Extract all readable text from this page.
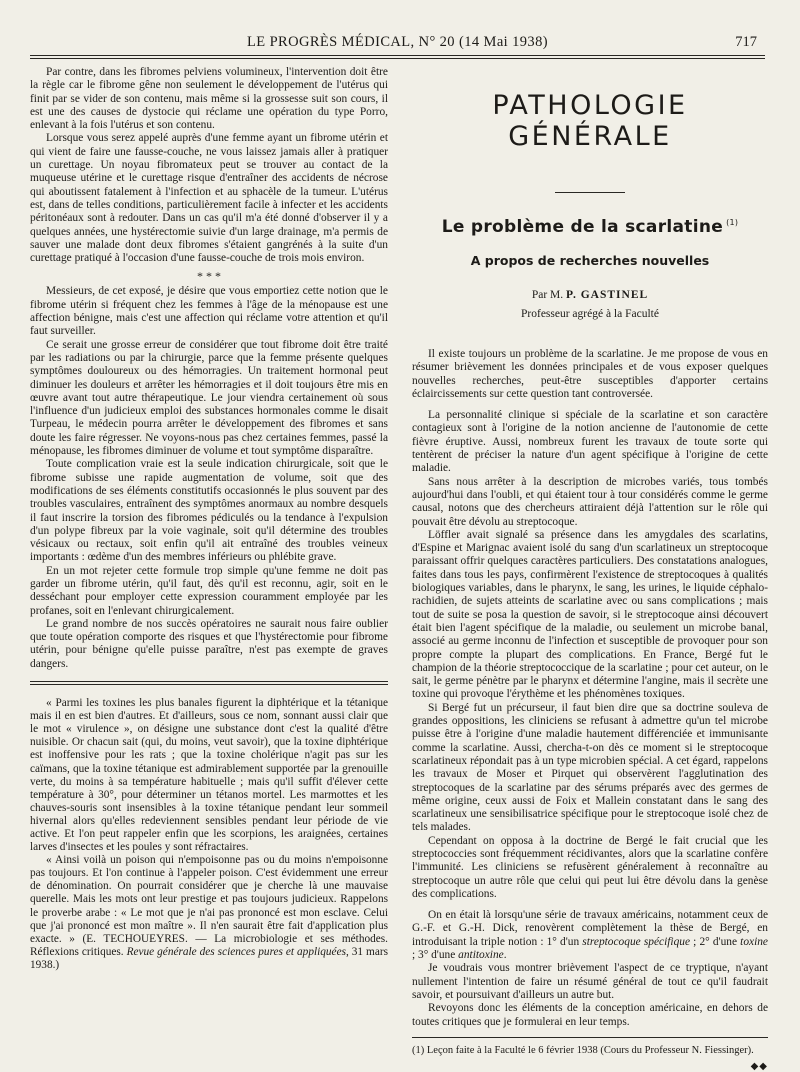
LE PROGRÈS MÉDICAL, N° 20 (14 Mai 1938)	717

Par contre, dans les fibromes pelviens volumineux, l'intervention doit être la règle car le fibrome gêne non seulement le développement de l'utérus qui finit par se vider de son contenu, mais même si la grossesse suit son cours, il est une des causes de dystocie qui réclame une opération du type Porro, enlevant à la fois l'utérus et son contenu.

Lorsque vous serez appelé auprès d'une femme ayant un fibrome utérin et qui vient de faire une fausse-couche, ne vous laissez jamais aller à pratiquer un curettage. Un noyau fibromateux peut se trouver au contact de la muqueuse utérine et le curettage risque d'entraîner des accidents de nécrose qui aboutissent fatalement à l'infection et au sphacèle de la tumeur. L'utérus est, dans de telles conditions, particulièrement facile à infecter et les accidents péritonéaux sont à redouter. Dans un cas qu'il m'a été donné d'observer il y a quelques années, une hystérectomie suivie d'un large drainage, m'a permis de sauver une malade dont deux fibromes s'étaient gangrénés à la suite d'un curettage pratiqué à l'occasion d'une fausse-couche de trois mois environ.

* * *

Messieurs, de cet exposé, je désire que vous emportiez cette notion que le fibrome utérin si fréquent chez les femmes à l'âge de la ménopause est une affection bénigne, mais c'est une affection qui réclame votre attention et qu'il faut surveiller.

Ce serait une grosse erreur de considérer que tout fibrome doit être traité par les radiations ou par la chirurgie, parce que la femme présente quelques symptômes douloureux ou des hémorragies. Un traitement hormonal peut diminuer les douleurs et arrêter les hémorragies et il doit toujours être mis en œuvre avant tout autre thérapeutique. Le jour viendra certainement où sous l'influence d'un judicieux emploi des substances hormonales comme le disait Turpeau, le médecin pourra arrêter le développement des fibromes et sans doute les faire régresser. Ne voyons-nous pas chez certaines femmes, passé la ménopause, les fibromes diminuer de volume et tout symptôme disparaître.

Toute complication vraie est la seule indication chirurgicale, soit que le fibrome subisse une rapide augmentation de volume, soit que des modifications de ses éléments constitutifs occasionnés le plus souvent par des troubles vasculaires, entraînent des symptômes anormaux au nombre desquels il faut inscrire la torsion des fibromes pédiculés ou la tendance à l'expulsion d'un polype fibreux par la voie vaginale, soit qu'il détermine des troubles vésicaux ou rectaux, soit enfin qu'il ait entraîné des troubles veineux importants : œdème d'un des membres inférieurs ou phlébite grave.

En un mot rejeter cette formule trop simple qu'une femme ne doit pas garder un fibrome utérin, qu'il faut, dès qu'il est reconnu, agir, soit en le desséchant pour employer cette expression couramment employée par les profanes, soit en l'enlevant chirurgicalement.

Le grand nombre de nos succès opératoires ne saurait nous faire oublier que toute opération comporte des risques et que l'hystérectomie pour fibrome utérin, pour bénigne qu'elle puisse paraître, n'est pas exempte de graves dangers.

« Parmi les toxines les plus banales figurent la diphtérique et la tétanique mais il en est bien d'autres. Et d'ailleurs, sous ce nom, sonnant aussi clair que le mot « virulence », on désigne une substance dont c'est la qualité d'être nuisible. Or chacun sait (qui, du moins, veut savoir), que la toxine diphtérique est inoffensive pour les rats ; que la toxine cholérique n'agit pas sur les caïmans, que la toxine tétanique est admirablement supportée par la grenouille verte, du moins à sa température habituelle ; mais qu'il suffit d'élever cette température à 30°, pour déterminer un tétanos mortel. Les marmottes et les chauves-souris sont insensibles à la toxine tétanique pendant leur sommeil hivernal alors qu'elles redeviennent sensibles pendant leur période de vie active. Et l'on peut rappeler enfin que les scorpions, les araignées, certaines larves d'insectes et les poules y sont réfractaires.

« Ainsi voilà un poison qui n'empoisonne pas ou du moins n'empoisonne pas toujours. Et l'on continue à l'appeler poison. C'est évidemment une erreur de dénomination. On pourrait considérer que je cherche là une mauvaise querelle. Mais les mots ont leur prestige et pas toujours judicieux. Rappelons le proverbe arabe : « Le mot que je n'ai pas prononcé est mon esclave. Celui que j'ai prononcé est mon maître ». Il n'en saurait être fait d'application plus exacte. » (E. TECHOUEYRES. — La microbiologie et ses méthodes. Réflexions critiques. Revue générale des sciences pures et appliquées, 31 mars 1938.)

PATHOLOGIE GÉNÉRALE
Le problème de la scarlatine $^{(1)}$
A propos de recherches nouvelles
Par M. P. GASTINEL
Professeur agrégé à la Faculté

Il existe toujours un problème de la scarlatine. Je me propose de vous en résumer brièvement les données principales et de vous exposer quelques nouvelles recherches, peut-être susceptibles d'apporter certains éclaircissements sur cette question tant controversée.

La personnalité clinique si spéciale de la scarlatine et son caractère contagieux sont à l'origine de la notion ancienne de l'autonomie de cette fièvre éruptive. Aussi, nombreux furent les travaux de toute sorte qui tentèrent de préciser la nature d'un agent spécifique à l'origine de cette maladie.

Sans nous arrêter à la description de microbes variés, tous tombés aujourd'hui dans l'oubli, et qui étaient tour à tour considérés comme le germe causal, notons que des chercheurs attiraient déjà l'attention sur le rôle qui pouvait être dévolu au streptocoque.

Löffler avait signalé sa présence dans les amygdales des scarlatins, d'Espine et Marignac avaient isolé du sang d'un scarlatineux un streptocoque paraissant offrir quelques caractères particuliers. Des constatations analogues, faites dans tous les pays, confirmèrent l'existence de streptocoques à qualités biologiques variables, dans le pharynx, le sang, les urines, le liquide céphalo-rachidien, de sujets atteints de scarlatine avec ou sans complications ; mais tout de suite se posa la question de savoir, si le streptocoque ainsi découvert était bien l'agent spécifique de la maladie, ou seulement un microbe banal, associé au germe inconnu de l'infection et susceptible de provoquer pour son propre compte la plupart des complications. En France, Bergé fut le champion de la théorie streptococcique de la scarlatine ; pour cet auteur, on le sait, le germe pénètre par le pharynx et détermine l'angine, mais il secrète une toxine qui provoque l'érythème et les phénomènes toxiques.

Si Bergé fut un précurseur, il faut bien dire que sa doctrine souleva de grandes oppositions, les cliniciens se refusant à admettre qu'un tel microbe puisse être à l'origine d'une maladie hautement différenciée et immunisante comme la scarlatine. Aussi, chercha-t-on dès ce moment si le streptocoque scarlatineux répondait pas à un type microbien spécial. A cet égard, rappelons les travaux de Moser et Pirquet qui observèrent l'agglutination des streptocoques de la scarlatine par des sérums préparés avec des germes de même origine, ceux aussi de Foix et Mallein constatant dans le sang des scarlatineux une sensibilisatrice spécifique pour le streptocoque isolé chez de tels malades.

Cependant on opposa à la doctrine de Bergé le fait crucial que les streptococcies sont fréquemment récidivantes, alors que la scarlatine confère l'immunité. Les cliniciens se refusèrent généralement à reconnaître au streptocoque un autre rôle que celui qui peut lui être dévolu dans la genèse des complications.

On en était là lorsqu'une série de travaux américains, notamment ceux de G.-F. et G.-H. Dick, renovèrent complètement la thèse de Bergé, en introduisant la triple notion : 1° d'un streptocoque spécifique ; 2° d'une toxine ; 3° d'une antitoxine.

Je voudrais vous montrer brièvement l'aspect de ce tryptique, n'ayant nullement l'intention de faire un résumé général de tout ce qu'il faudrait savoir, et poursuivant d'ailleurs un autre but.

Revoyons donc les éléments de la conception américaine, en dehors de toutes critiques que je formulerai en leur temps.

(1) Leçon faite à la Faculté le 6 février 1938 (Cours du Professeur N. Fiessinger).

◆◆
